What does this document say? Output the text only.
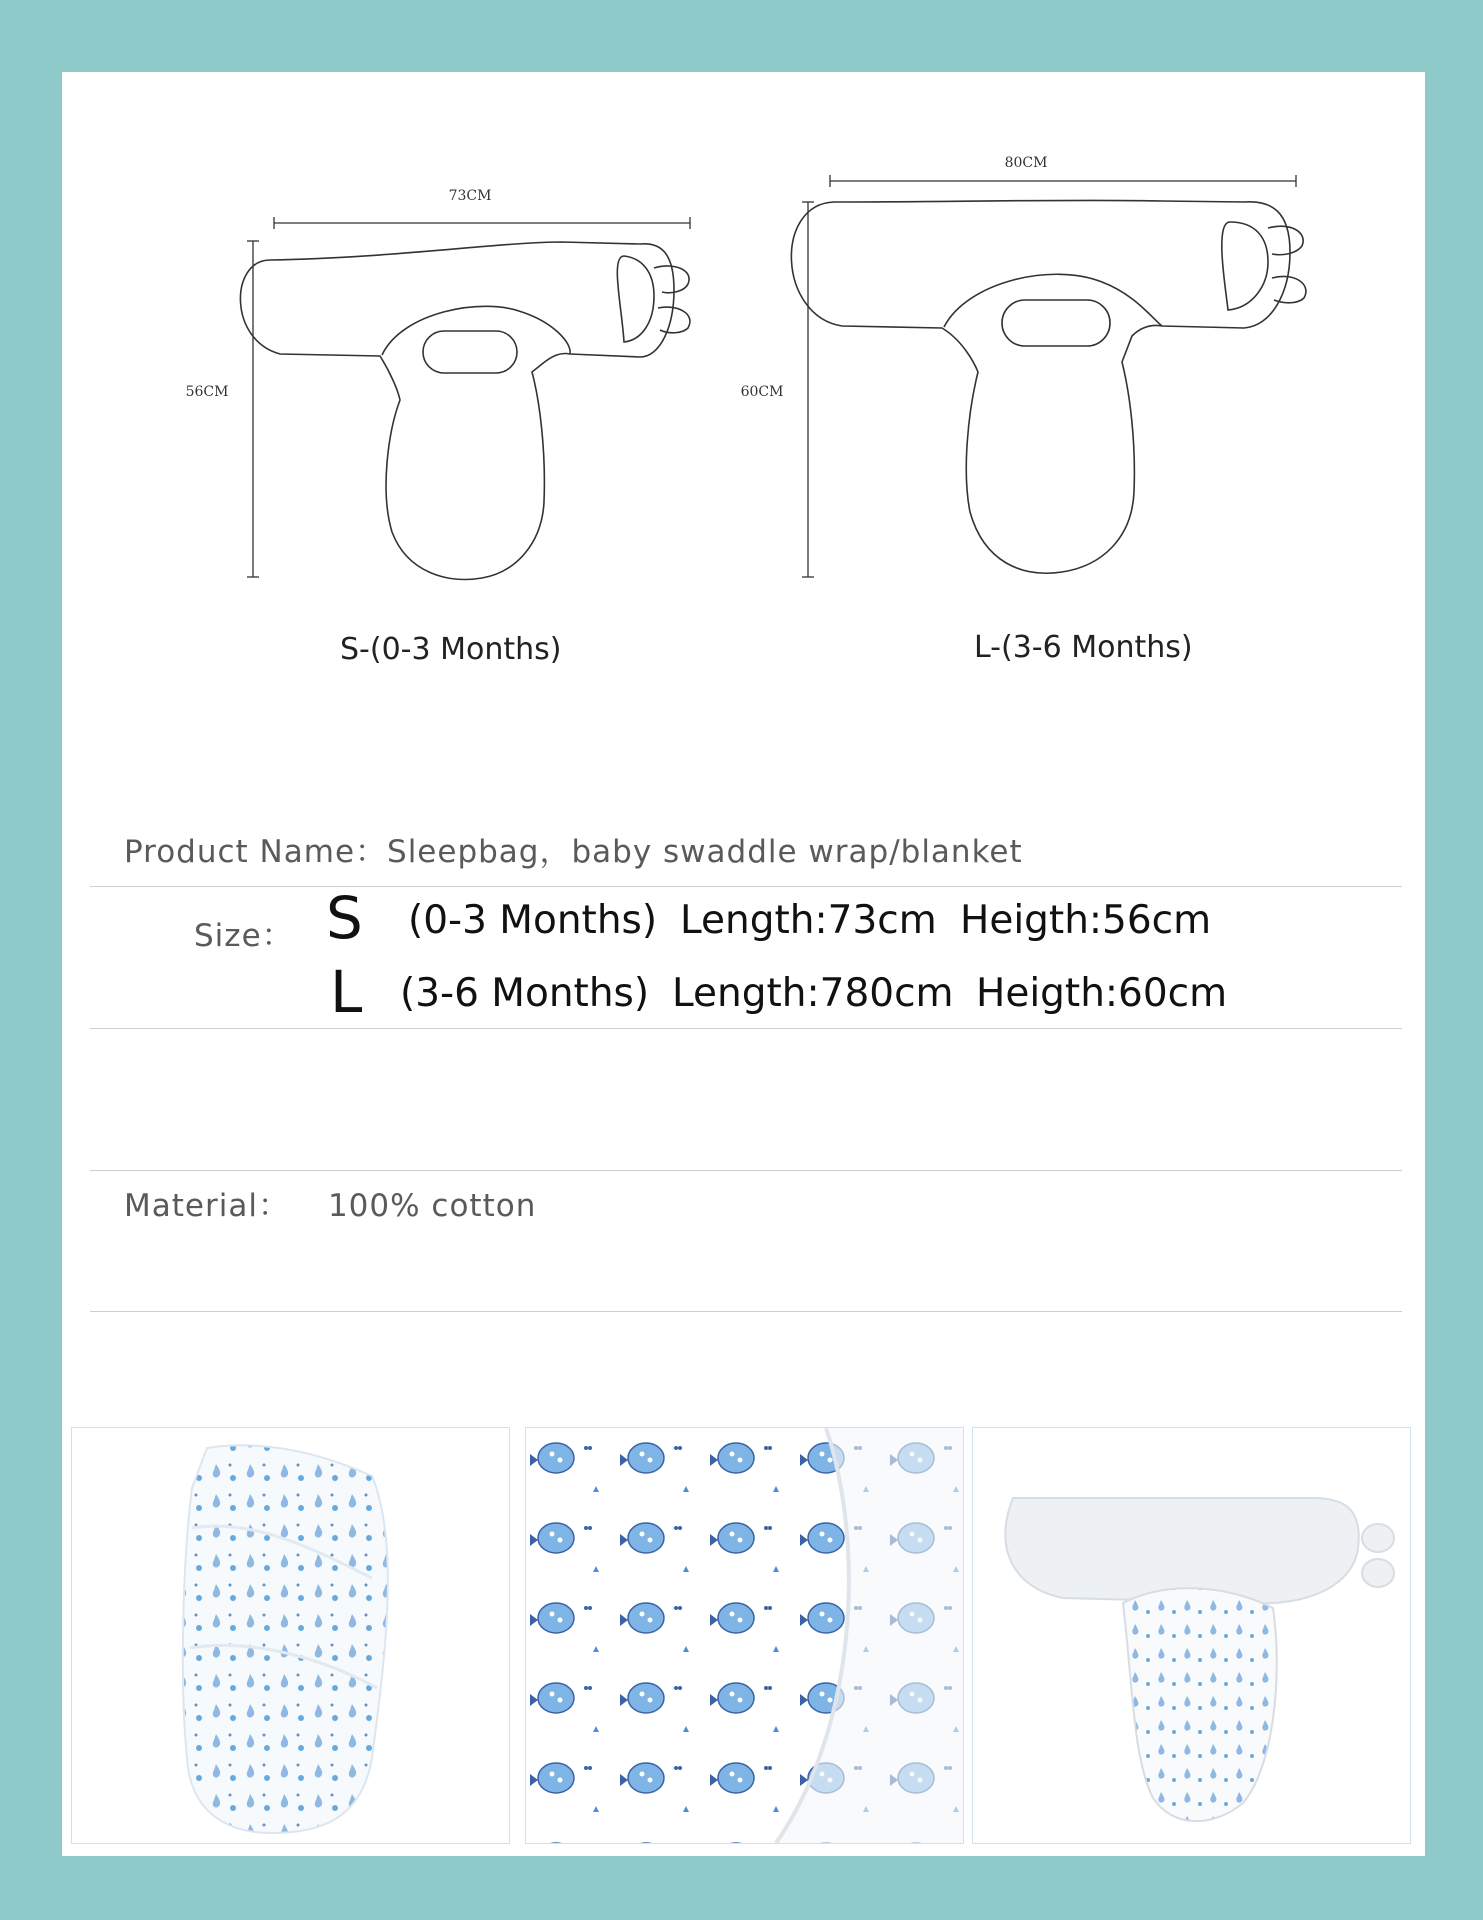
73CM
56CM
80CM
60CM
S-(0-3 Months)	L-(3-6 Months)
Product Name：Sleepbag，baby swaddle wrap/blanket
Size： S (0-3 Months) Length:73cm Heigth:56cm
L (3-6 Months) Length:780cm Heigth:60cm
Material： 100% cotton
